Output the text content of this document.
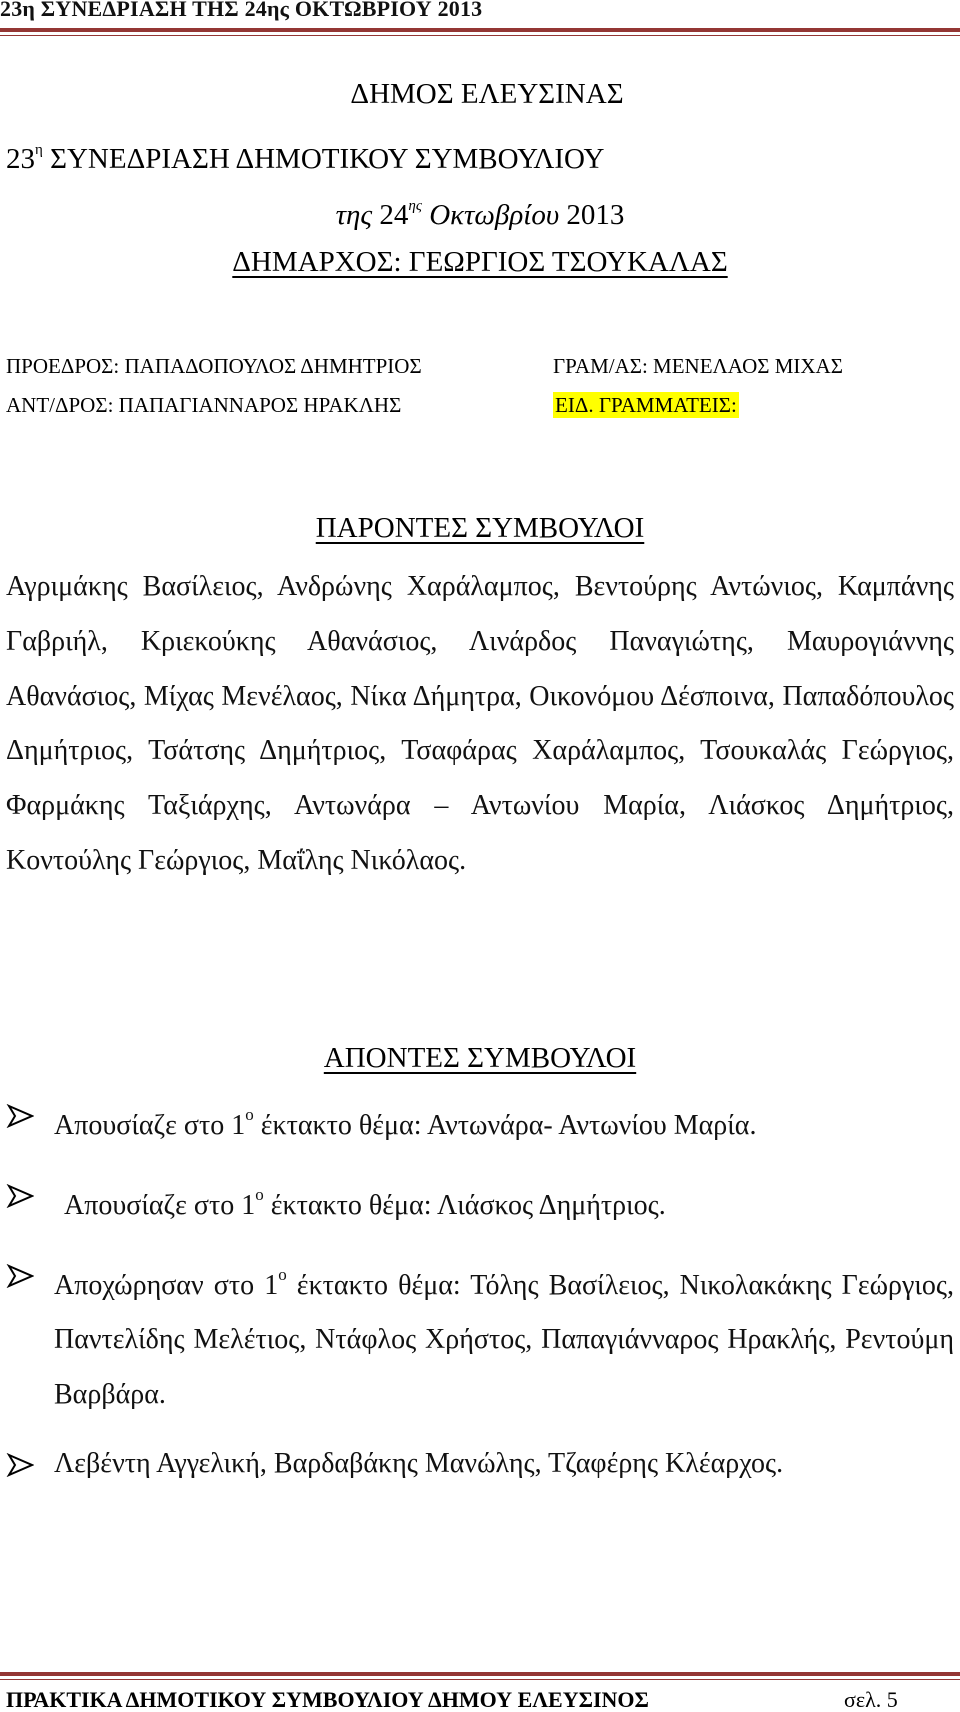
23η ΣΥΝΕΔΡΙΑΣΗ ΤΗΣ 24ης ΟΚΤΩΒΡΙΟΥ 2013
ΔΗΜΟΣ ΕΛΕΥΣΙΝΑΣ
$23^\eta$ ΣΥΝΕΔΡΙΑΣΗ ΔΗΜΟΤΙΚΟΥ ΣΥΜΒΟΥΛΙΟΥ
της $24^{\eta\varsigma}$ Οκτωβρίου 2013
ΔΗΜΑΡΧΟΣ: ΓΕΩΡΓΙΟΣ ΤΣΟΥΚΑΛΑΣ
ΠΡΟΕΔΡΟΣ: ΠΑΠΑΔΟΠΟΥΛΟΣ ΔΗΜΗΤΡΙΟΣ
ΑΝΤ/ΔΡΟΣ: ΠΑΠΑΓΙΑΝΝΑΡΟΣ ΗΡΑΚΛΗΣ
ΓΡΑΜ/ΑΣ: ΜΕΝΕΛΑΟΣ ΜΙΧΑΣ
ΕΙΔ. ΓΡΑΜΜΑΤΕΙΣ:
ΠΑΡΟΝΤΕΣ ΣΥΜΒΟΥΛΟΙ
Αγριμάκης Βασίλειος, Ανδρώνης Χαράλαμπος, Βεντούρης Αντώνιος, Καμπάνης Γαβριήλ, Κριεκούκης Αθανάσιος, Λινάρδος Παναγιώτης, Μαυρογιάννης Αθανάσιος, Μίχας Μενέλαος, Νίκα Δήμητρα, Οικονόμου Δέσποινα, Παπαδόπουλος Δημήτριος, Τσάτσης Δημήτριος, Τσαφάρας Χαράλαμπος, Τσουκαλάς Γεώργιος, Φαρμάκης Ταξιάρχης, Αντωνάρα – Αντωνίου Μαρία, Λιάσκος Δημήτριος, Κοντούλης Γεώργιος, Μαΐλης Νικόλαος.
ΑΠΟΝΤΕΣ ΣΥΜΒΟΥΛΟΙ
Απουσίαζε στο $1^o$ έκτακτο θέμα: Αντωνάρα- Αντωνίου Μαρία.
Απουσίαζε στο $1^o$ έκτακτο θέμα: Λιάσκος Δημήτριος.
Αποχώρησαν στο $1^o$ έκτακτο θέμα: Τόλης Βασίλειος, Νικολακάκης Γεώργιος, Παντελίδης Μελέτιος, Ντάφλος Χρήστος, Παπαγιάνναρος Ηρακλής, Ρεντούμη Βαρβάρα.
Λεβέντη Αγγελική, Βαρδαβάκης Μανώλης, Τζαφέρης Κλέαρχος.
ΠΡΑΚΤΙΚΑ ΔΗΜΟΤΙΚΟΥ ΣΥΜΒΟΥΛΙΟΥ ΔΗΜΟΥ ΕΛΕΥΣΙΝΟΣ	σελ. 5
